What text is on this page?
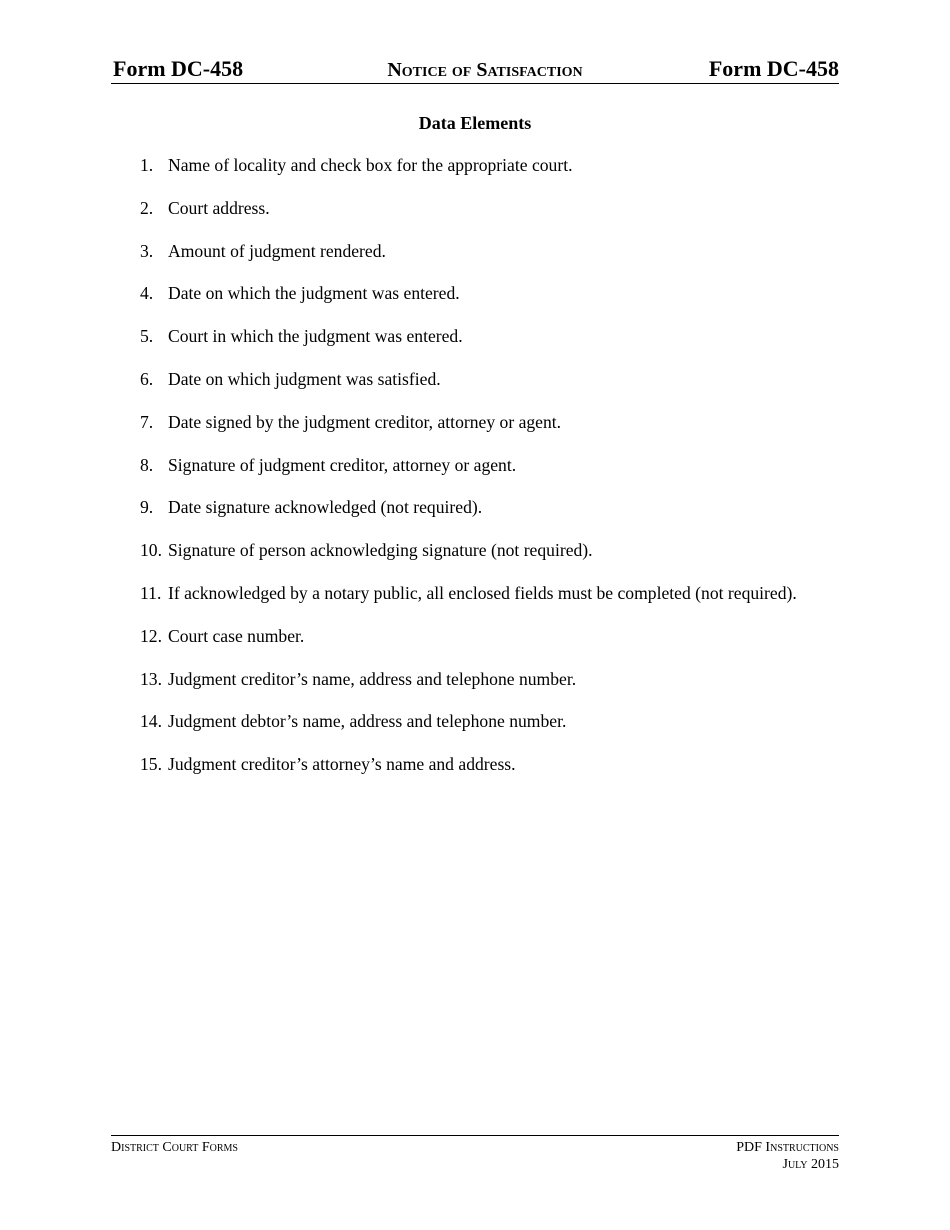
Form DC-458	Notice of Satisfaction	Form DC-458
Data Elements
1. Name of locality and check box for the appropriate court.
2. Court address.
3. Amount of judgment rendered.
4. Date on which the judgment was entered.
5. Court in which the judgment was entered.
6. Date on which judgment was satisfied.
7. Date signed by the judgment creditor, attorney or agent.
8. Signature of judgment creditor, attorney or agent.
9. Date signature acknowledged (not required).
10. Signature of person acknowledging signature (not required).
11. If acknowledged by a notary public, all enclosed fields must be completed (not required).
12. Court case number.
13. Judgment creditor’s name, address and telephone number.
14. Judgment debtor’s name, address and telephone number.
15. Judgment creditor’s attorney’s name and address.
District Court Forms	PDF Instructions
July 2015
